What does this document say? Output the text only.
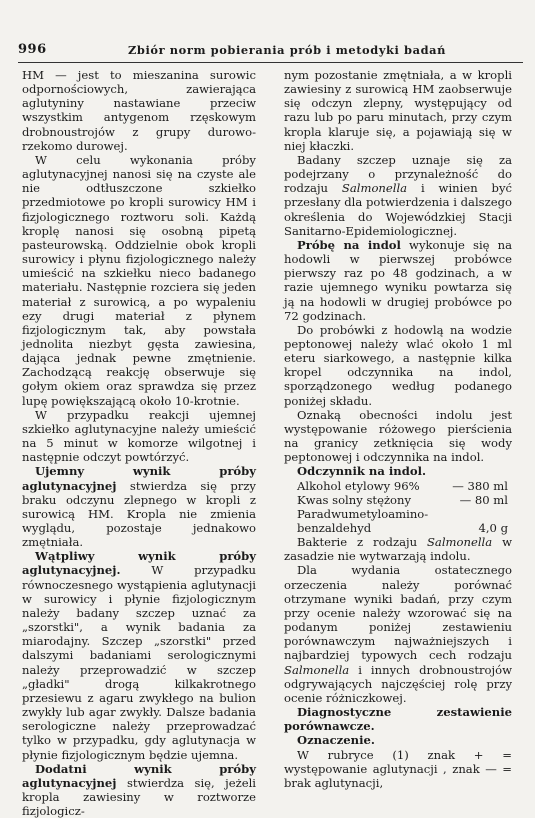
996	Zbiór norm pobierania prób i metodyki badań

HM — jest to mieszanina surowic odpornościowych, zawierająca aglutyniny nastawiane przeciw wszystkim antygenom rzęskowym drobnoustrojów z grupy durowo-rzekomo durowej.

W celu wykonania próby aglutynacyjnej nanosi się na czyste ale nie odtłuszczone szkiełko przedmiotowe po kropli surowicy HM i fizjologicznego roztworu soli. Każdą kroplę nanosi się osobną pipetą pasteurowską. Oddzielnie obok kropli surowicy i płynu fizjologicznego należy umieścić na szkiełku nieco badanego materiału. Następnie rozciera się jeden materiał z surowicą, a po wypaleniu ezy drugi materiał z płynem fizjologicznym tak, aby powstała jednolita niezbyt gęsta zawiesina, dająca jednak pewne zmętnienie. Zachodzącą reakcję obserwuje się gołym okiem oraz sprawdza się przez lupę powiększającą około 10-krotnie.

W przypadku reakcji ujemnej szkiełko aglutynacyjne należy umieścić na 5 minut w komorze wilgotnej i następnie odczyt powtórzyć.

Ujemny wynik próby aglutynacyjnej stwierdza się przy braku odczynu zlepnego w kropli z surowicą HM. Kropla nie zmienia wyglądu, pozostaje jednakowo zmętniała.

Wątpliwy wynik próby aglutynacyjnej. W przypadku równoczesnego wystąpienia aglutynacji w surowicy i płynie fizjologicznym należy badany szczep uznać za „szorstki", a wynik badania za miarodajny. Szczep „szorstki" przed dalszymi badaniami serologicznymi należy przeprowadzić w szczep „gładki" drogą kilkakrotnego przesiewu z agaru zwykłego na bulion zwykły lub agar zwykły. Dalsze badania serologiczne należy przeprowadzać tylko w przypadku, gdy aglutynacja w płynie fizjologicznym będzie ujemna.

Dodatni wynik próby aglutynacyjnej stwierdza się, jeżeli kropla zawiesiny w roztworze fizjologicz-

nym pozostanie zmętniała, a w kropli zawiesiny z surowicą HM zaobserwuje się odczyn zlepny, występujący od razu lub po paru minutach, przy czym kropla klaruje się, a pojawiają się w niej kłaczki.

Badany szczep uznaje się za podejrzany o przynależność do rodzaju Salmonella i winien być przesłany dla potwierdzenia i dalszego określenia do Wojewódzkiej Stacji Sanitarno-Epidemiologicznej.

Próbę na indol wykonuje się na hodowli w pierwszej probówce pierwszy raz po 48 godzinach, a w razie ujemnego wyniku powtarza się ją na hodowli w drugiej probówce po 72 godzinach.

Do probówki z hodowlą na wodzie peptonowej należy wlać około 1 ml eteru siarkowego, a następnie kilka kropel odczynnika na indol, sporządzonego według podanego poniżej składu.

Oznaką obecności indolu jest występowanie różowego pierścienia na granicy zetknięcia się wody peptonowej i odczynnika na indol.

Odczynnik na indol.

Alkohol etylowy 96%	— 380 ml
Kwas solny stężony	— 80 ml
Paradwumetyloamino-
benzaldehyd	4,0 g

Bakterie z rodzaju Salmonella w zasadzie nie wytwarzają indolu.

Dla wydania ostatecznego orzeczenia należy porównać otrzymane wyniki badań, przy czym przy ocenie należy wzorować się na podanym poniżej zestawieniu porównawczym najważniejszych i najbardziej typowych cech rodzaju Salmonella i innych drobnoustrojów odgrywających najczęściej rolę przy ocenie różniczkowej.

Diagnostyczne zestawienie porównawcze.

Oznaczenie.

W rubryce (1) znak + = występowanie aglutynacji , znak — = brak aglutynacji,
